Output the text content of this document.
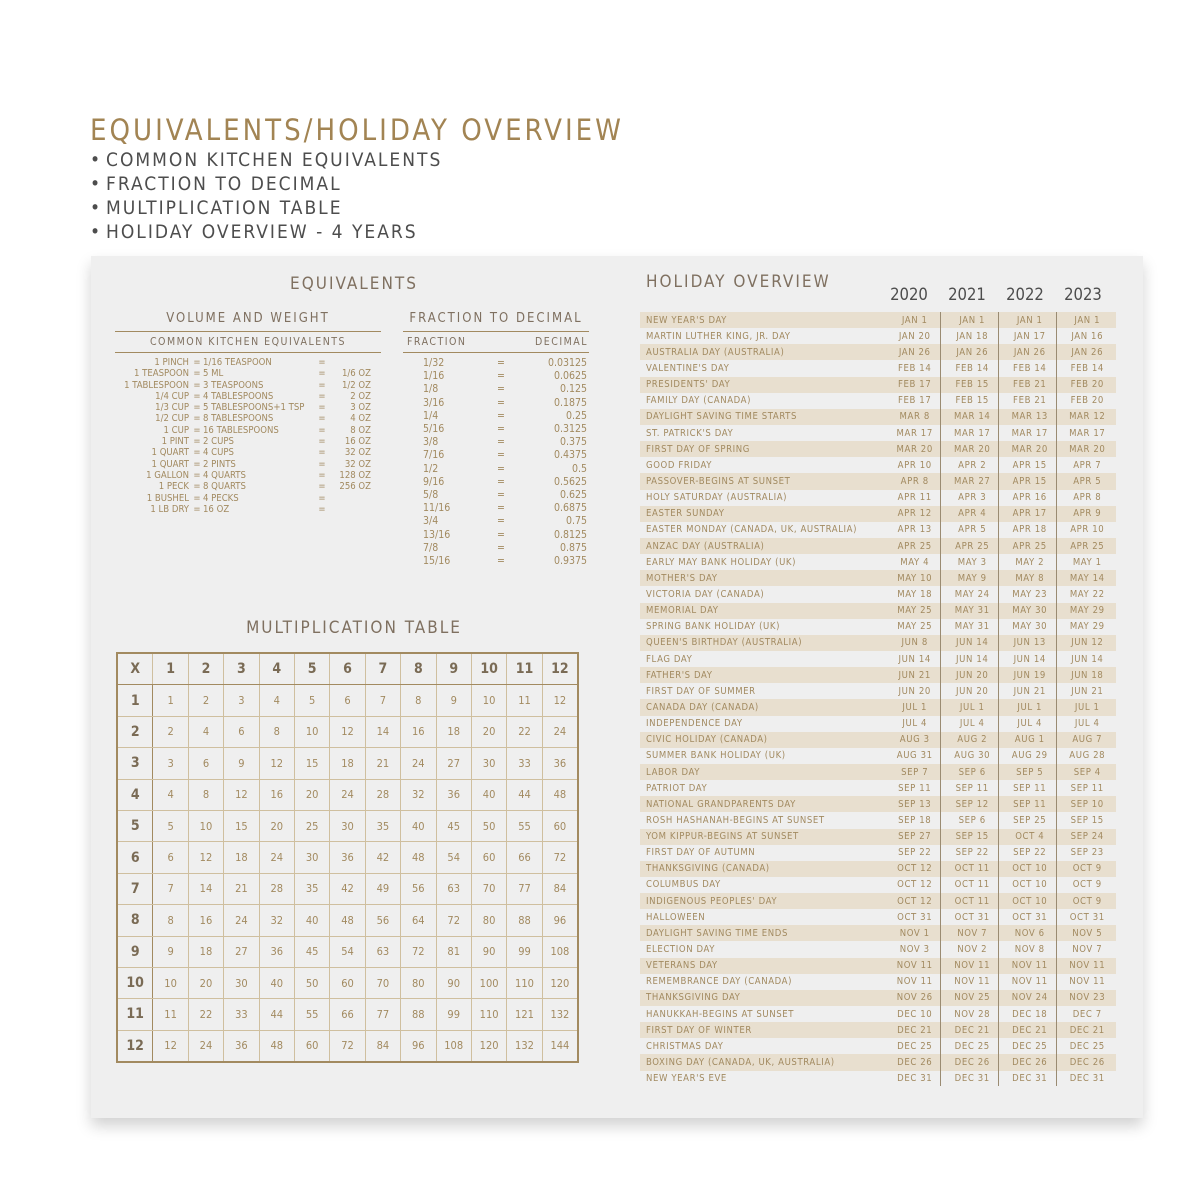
EQUIVALENTS/HOLIDAY OVERVIEW
• COMMON KITCHEN EQUIVALENTS
• FRACTION TO DECIMAL
• MULTIPLICATION TABLE
• HOLIDAY OVERVIEW - 4 YEARS
EQUIVALENTS
VOLUME AND WEIGHT
COMMON KITCHEN EQUIVALENTS
1 PINCH	=	1/16 TEASPOON	=	
1 TEASPOON	=	5 ML	=	1/6 OZ
1 TABLESPOON	=	3 TEASPOONS	=	1/2 OZ
1/4 CUP	=	4 TABLESPOONS	=	2 OZ
1/3 CUP	=	5 TABLESPOONS+1 TSP	=	3 OZ
1/2 CUP	=	8 TABLESPOONS	=	4 OZ
1 CUP	=	16 TABLESPOONS	=	8 OZ
1 PINT	=	2 CUPS	=	16 OZ
1 QUART	=	4 CUPS	=	32 OZ
1 QUART	=	2 PINTS	=	32 OZ
1 GALLON	=	4 QUARTS	=	128 OZ
1 PECK	=	8 QUARTS	=	256 OZ
1 BUSHEL	=	4 PECKS	=	
1 LB DRY	=	16 OZ	=	
FRACTION TO DECIMAL
FRACTION	DECIMAL
1/32	=	0.03125
1/16	=	0.0625
1/8	=	0.125
3/16	=	0.1875
1/4	=	0.25
5/16	=	0.3125
3/8	=	0.375
7/16	=	0.4375
1/2	=	0.5
9/16	=	0.5625
5/8	=	0.625
11/16	=	0.6875
3/4	=	0.75
13/16	=	0.8125
7/8	=	0.875
15/16	=	0.9375
MULTIPLICATION TABLE
X	1	2	3	4	5	6	7	8	9	10	11	12
1	1	2	3	4	5	6	7	8	9	10	11	12
2	2	4	6	8	10	12	14	16	18	20	22	24
3	3	6	9	12	15	18	21	24	27	30	33	36
4	4	8	12	16	20	24	28	32	36	40	44	48
5	5	10	15	20	25	30	35	40	45	50	55	60
6	6	12	18	24	30	36	42	48	54	60	66	72
7	7	14	21	28	35	42	49	56	63	70	77	84
8	8	16	24	32	40	48	56	64	72	80	88	96
9	9	18	27	36	45	54	63	72	81	90	99	108
10	10	20	30	40	50	60	70	80	90	100	110	120
11	11	22	33	44	55	66	77	88	99	110	121	132
12	12	24	36	48	60	72	84	96	108	120	132	144
HOLIDAY OVERVIEW
2020	2021	2022	2023
NEW YEAR'S DAY	JAN 1	JAN 1	JAN 1	JAN 1
MARTIN LUTHER KING, JR. DAY	JAN 20	JAN 18	JAN 17	JAN 16
AUSTRALIA DAY (AUSTRALIA)	JAN 26	JAN 26	JAN 26	JAN 26
VALENTINE'S DAY	FEB 14	FEB 14	FEB 14	FEB 14
PRESIDENTS' DAY	FEB 17	FEB 15	FEB 21	FEB 20
FAMILY DAY (CANADA)	FEB 17	FEB 15	FEB 21	FEB 20
DAYLIGHT SAVING TIME STARTS	MAR 8	MAR 14	MAR 13	MAR 12
ST. PATRICK'S DAY	MAR 17	MAR 17	MAR 17	MAR 17
FIRST DAY OF SPRING	MAR 20	MAR 20	MAR 20	MAR 20
GOOD FRIDAY	APR 10	APR 2	APR 15	APR 7
PASSOVER-BEGINS AT SUNSET	APR 8	MAR 27	APR 15	APR 5
HOLY SATURDAY (AUSTRALIA)	APR 11	APR 3	APR 16	APR 8
EASTER SUNDAY	APR 12	APR 4	APR 17	APR 9
EASTER MONDAY (CANADA, UK, AUSTRALIA)	APR 13	APR 5	APR 18	APR 10
ANZAC DAY (AUSTRALIA)	APR 25	APR 25	APR 25	APR 25
EARLY MAY BANK HOLIDAY (UK)	MAY 4	MAY 3	MAY 2	MAY 1
MOTHER'S DAY	MAY 10	MAY 9	MAY 8	MAY 14
VICTORIA DAY (CANADA)	MAY 18	MAY 24	MAY 23	MAY 22
MEMORIAL DAY	MAY 25	MAY 31	MAY 30	MAY 29
SPRING BANK HOLIDAY (UK)	MAY 25	MAY 31	MAY 30	MAY 29
QUEEN'S BIRTHDAY (AUSTRALIA)	JUN 8	JUN 14	JUN 13	JUN 12
FLAG DAY	JUN 14	JUN 14	JUN 14	JUN 14
FATHER'S DAY	JUN 21	JUN 20	JUN 19	JUN 18
FIRST DAY OF SUMMER	JUN 20	JUN 20	JUN 21	JUN 21
CANADA DAY (CANADA)	JUL 1	JUL 1	JUL 1	JUL 1
INDEPENDENCE DAY	JUL 4	JUL 4	JUL 4	JUL 4
CIVIC HOLIDAY (CANADA)	AUG 3	AUG 2	AUG 1	AUG 7
SUMMER BANK HOLIDAY (UK)	AUG 31	AUG 30	AUG 29	AUG 28
LABOR DAY	SEP 7	SEP 6	SEP 5	SEP 4
PATRIOT DAY	SEP 11	SEP 11	SEP 11	SEP 11
NATIONAL GRANDPARENTS DAY	SEP 13	SEP 12	SEP 11	SEP 10
ROSH HASHANAH-BEGINS AT SUNSET	SEP 18	SEP 6	SEP 25	SEP 15
YOM KIPPUR-BEGINS AT SUNSET	SEP 27	SEP 15	OCT 4	SEP 24
FIRST DAY OF AUTUMN	SEP 22	SEP 22	SEP 22	SEP 23
THANKSGIVING (CANADA)	OCT 12	OCT 11	OCT 10	OCT 9
COLUMBUS DAY	OCT 12	OCT 11	OCT 10	OCT 9
INDIGENOUS PEOPLES' DAY	OCT 12	OCT 11	OCT 10	OCT 9
HALLOWEEN	OCT 31	OCT 31	OCT 31	OCT 31
DAYLIGHT SAVING TIME ENDS	NOV 1	NOV 7	NOV 6	NOV 5
ELECTION DAY	NOV 3	NOV 2	NOV 8	NOV 7
VETERANS DAY	NOV 11	NOV 11	NOV 11	NOV 11
REMEMBRANCE DAY (CANADA)	NOV 11	NOV 11	NOV 11	NOV 11
THANKSGIVING DAY	NOV 26	NOV 25	NOV 24	NOV 23
HANUKKAH-BEGINS AT SUNSET	DEC 10	NOV 28	DEC 18	DEC 7
FIRST DAY OF WINTER	DEC 21	DEC 21	DEC 21	DEC 21
CHRISTMAS DAY	DEC 25	DEC 25	DEC 25	DEC 25
BOXING DAY (CANADA, UK, AUSTRALIA)	DEC 26	DEC 26	DEC 26	DEC 26
NEW YEAR'S EVE	DEC 31	DEC 31	DEC 31	DEC 31
